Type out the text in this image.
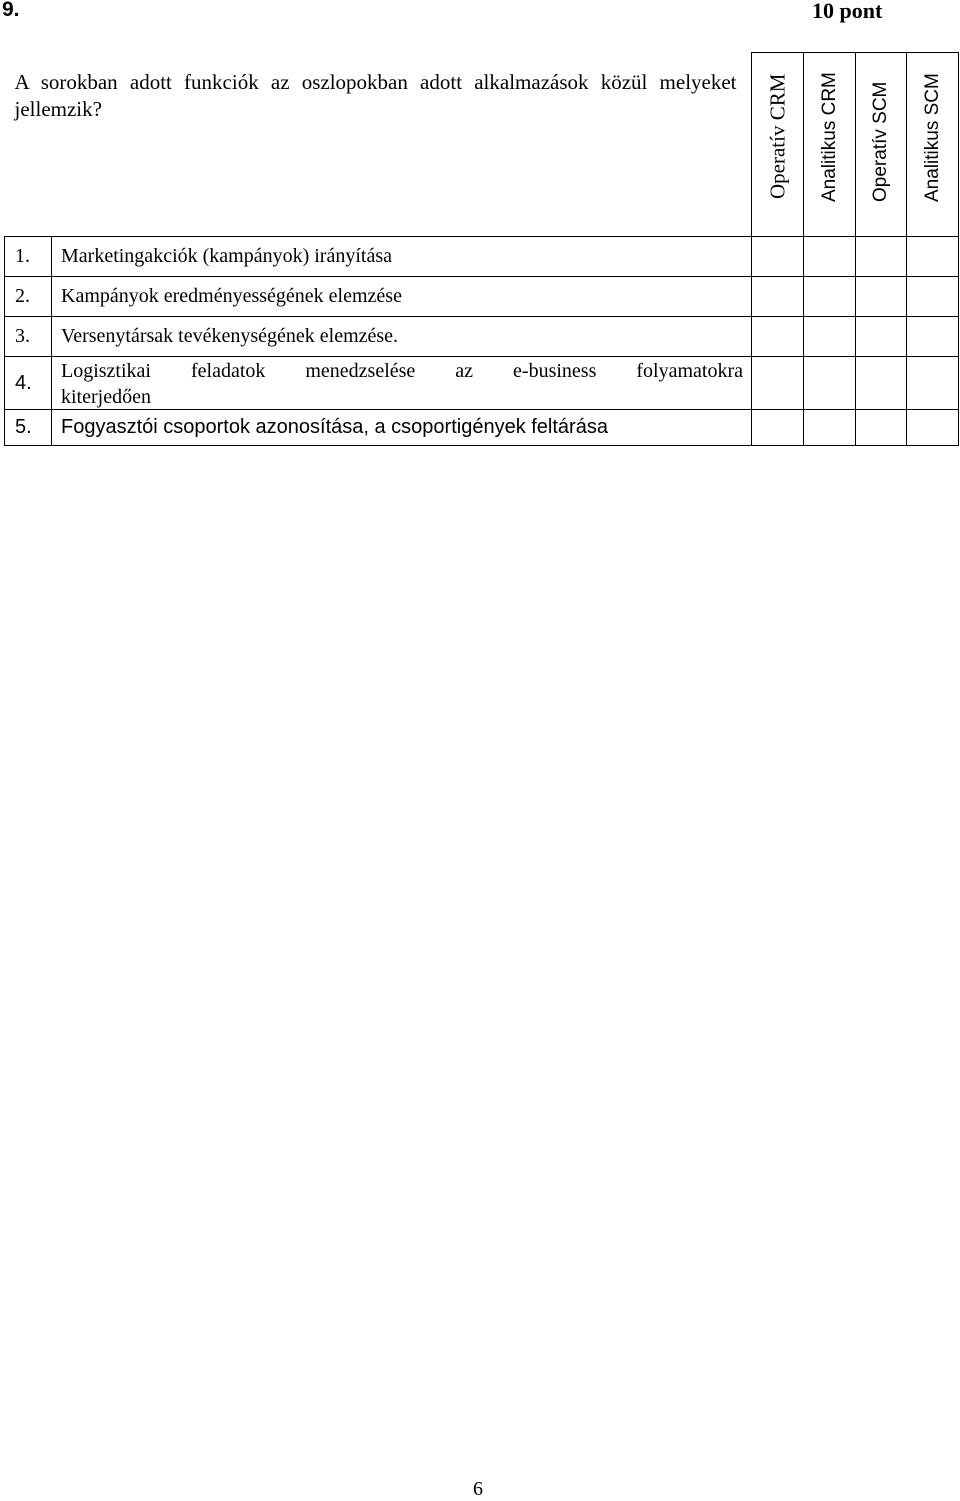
9.	10 pont
A sorokban adott funkciók az oszlopokban adott alkalmazások közül melyeket jellemzik?		Operatív CRM	Analitikus CRM	Operatív SCM	Analitikus SCM

1.	Marketingakciók (kampányok) irányítása				
2.	Kampányok eredményességének elemzése				
3.	Versenytársak tevékenységének elemzése.				
4.	Logisztikai feladatok menedzselése az e-business folyamatokra
kiterjedően				

5.	Fogyasztói csoportok azonosítása, a csoportigények feltárása				
6
